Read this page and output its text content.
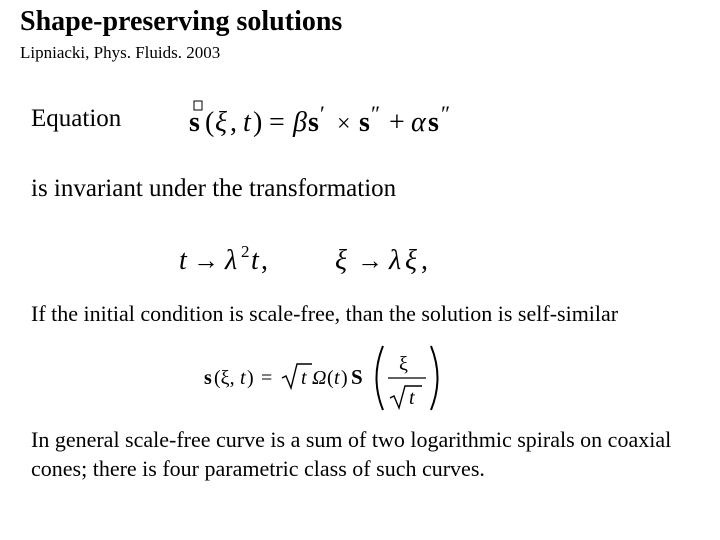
Shape-preserving solutions
Lipniacki, Phys. Fluids. 2003
Equation s ( ξ , t ) = β s ′ × s ″ + α s ″
is invariant under the transformation
t → λ 2 t , ξ → λ ξ ,
If the initial condition is scale-free, than the solution is self-similar
s (ξ, t ) = t Ω ( t ) S
ξ
t
In general scale-free curve is a sum of two logarithmic spirals on coaxial cones; there is four parametric class of such curves.
